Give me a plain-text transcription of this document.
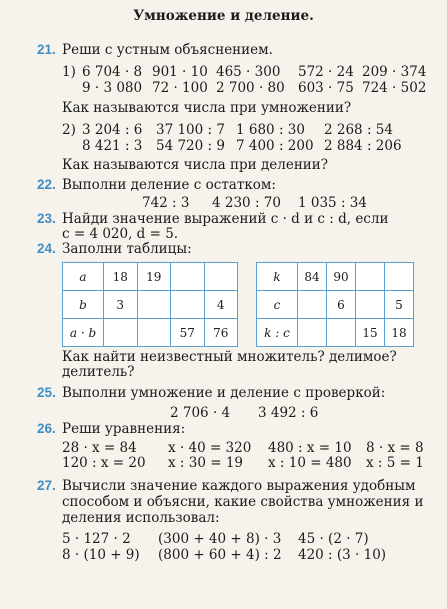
Умножение и деление.
21. Реши с устным объяснением.
1) 6 704 · 8 901 · 10 465 · 300 572 · 24 209 · 374
9 · 3 080 72 · 100 2 700 · 80 603 · 75 724 · 502
Как называются числа при умножении?
2) 3 204 : 6 37 100 : 7 1 680 : 30 2 268 : 54
8 421 : 3 54 720 : 9 7 400 : 200 2 884 : 206
Как называются числа при делении?
22. Выполни деление с остатком:
742 : 3 4 230 : 70 1 035 : 34
23. Найди значение выражений c · d и c : d, если
c = 4 020, d = 5.
24. Заполни таблицы:
a	18	19		
b	3			4
a · b			57	76
k	84	90		
c		6		5
k : c			15	18
Как найти неизвестный множитель? делимое?
делитель?
25. Выполни умножение и деление с проверкой:
2 706 · 4 3 492 : 6
26. Реши уравнения:
28 · x = 84 x · 40 = 320 480 : x = 10 8 · x = 8
120 : x = 20 x : 30 = 19 x : 10 = 480 x : 5 = 1
27. Вычисли значение каждого выражения удобным
способом и объясни, какие свойства умножения и
деления использовал:
5 · 127 · 2 (300 + 40 + 8) · 3 45 · (2 · 7)
8 · (10 + 9) (800 + 60 + 4) : 2 420 : (3 · 10)
